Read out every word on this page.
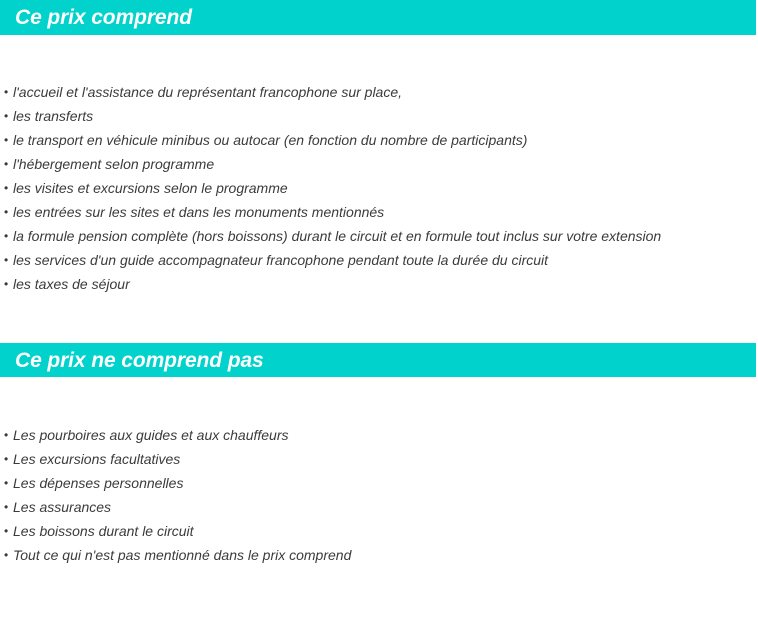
Ce prix comprend
• l'accueil et l'assistance du représentant francophone sur place,
• les transferts
• le transport en véhicule minibus ou autocar (en fonction du nombre de participants)
• l'hébergement selon programme
• les visites et excursions selon le programme
• les entrées sur les sites et dans les monuments mentionnés
• la formule pension complète (hors boissons) durant le circuit et en formule tout inclus sur votre extension
• les services d'un guide accompagnateur francophone pendant toute la durée du circuit
• les taxes de séjour
Ce prix ne comprend pas
• Les pourboires aux guides et aux chauffeurs
• Les excursions facultatives
• Les dépenses personnelles
• Les assurances
• Les boissons durant le circuit
• Tout ce qui n'est pas mentionné dans le prix comprend
